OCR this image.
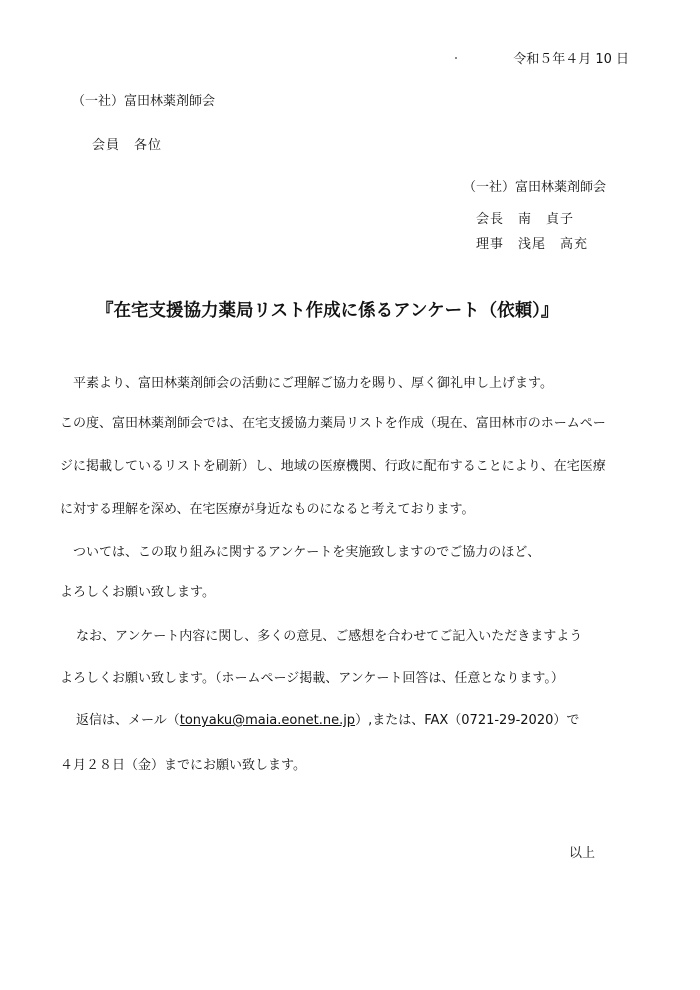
令和５年４月 10 日
（一社）富田林薬剤師会
会員　各位
（一社）富田林薬剤師会
会長　南　貞子
理事　浅尾　高充
『在宅支援協力薬局リスト作成に係るアンケート（依頼）』
平素より、富田林薬剤師会の活動にご理解ご協力を賜り、厚く御礼申し上げます。
この度、富田林薬剤師会では、在宅支援協力薬局リストを作成（現在、富田林市のホームペー
ジに掲載しているリストを刷新）し、地域の医療機関、行政に配布することにより、在宅医療
に対する理解を深め、在宅医療が身近なものになると考えております。
ついては、この取り組みに関するアンケートを実施致しますのでご協力のほど、
よろしくお願い致します。
なお、アンケート内容に関し、多くの意見、ご感想を合わせてご記入いただきますよう
よろしくお願い致します。（ホームページ掲載、アンケート回答は、任意となります。）
返信は、メール（tonyaku@maia.eonet.ne.jp）,または、FAX（0721-29-2020）で
４月２８日（金）までにお願い致します。
以上
